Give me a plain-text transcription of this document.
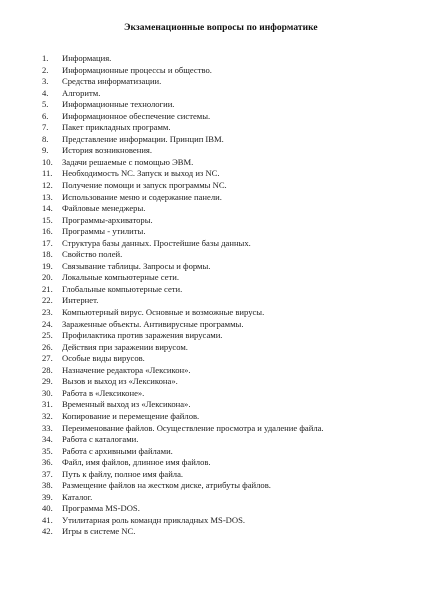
Экзаменационные вопросы по информатике
1.	Информация.
2.	Информационные процессы и общество.
3.	Средства информатизации.
4.	Алгоритм.
5.	Информационные технологии.
6.	Информационное обеспечение системы.
7.	Пакет прикладных программ.
8.	Представление информации. Принцип IBM.
9.	История возникновения.
10.	Задачи решаемые с помощью ЭВМ.
11.	Необходимость NC. Запуск и выход из NC.
12.	Получение помощи и запуск программы NC.
13.	Использование меню и содержание панели.
14.	Файловые менеджеры.
15.	Программы-архиваторы.
16.	Программы - утилиты.
17.	Структура базы данных. Простейшие базы данных.
18.	Свойство полей.
19.	Связывание таблицы. Запросы и формы.
20.	Локальные компьютерные сети.
21.	Глобальные компьютерные сети.
22.	Интернет.
23.	Компьютерный вирус. Основные и возможные вирусы.
24.	Зараженные объекты. Антивирусные программы.
25.	Профилактика против заражения вирусами.
26.	Действия при заражении вирусом.
27.	Особые виды вирусов.
28.	Назначение редактора «Лексикон».
29.	Вызов и выход из «Лексикона».
30.	Работа в «Лексиконе».
31.	Временный выход из «Лексикона».
32.	Копирование и перемещение файлов.
33.	Переименование файлов. Осуществление просмотра и удаление файла.
34.	Работа с каталогами.
35.	Работа с архивными файлами.
36.	Файл, имя файлов, длинное имя файлов.
37.	Путь к файлу, полное имя файла.
38.	Размещение файлов на жестком диске, атрибуты файлов.
39.	Каталог.
40.	Программа MS-DOS.
41.	Утилитарная роль командн прикладных MS-DOS.
42.	Игры в системе NC.
